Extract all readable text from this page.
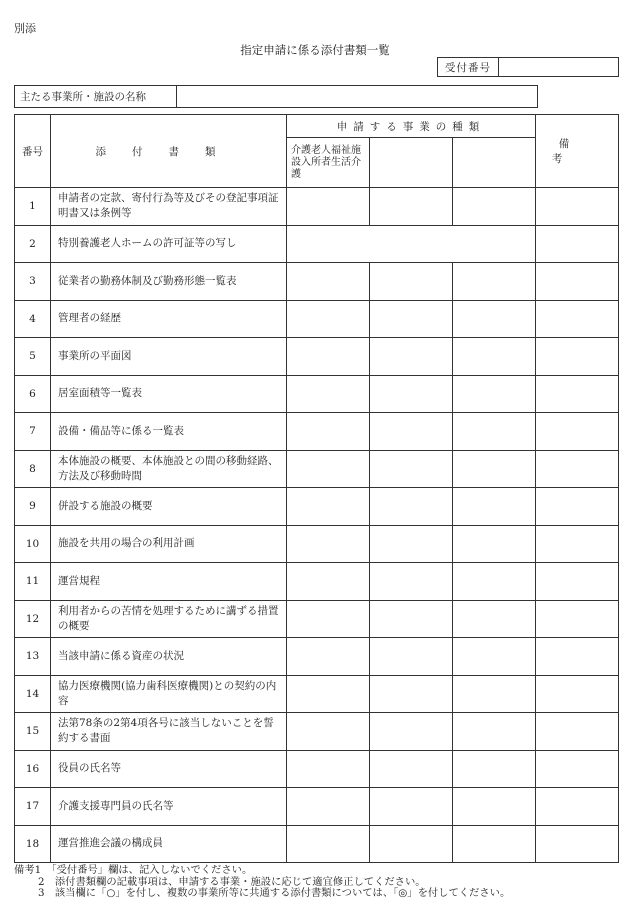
別添
指定申請に係る添付書類一覧
受付番号
主たる事業所・施設の名称
番号	添付書類	申請する事業の種類			備考
		介護老人福祉施設入所者生活介護			
1	申請者の定款、寄付行為等及びその登記事項証明書又は条例等				
2	特別養護老人ホームの許可証等の写し				
3	従業者の勤務体制及び勤務形態一覧表				
4	管理者の経歴				
5	事業所の平面図				
6	居室面積等一覧表				
7	設備・備品等に係る一覧表				
8	本体施設の概要、本体施設との間の移動経路、方法及び移動時間				
9	併設する施設の概要				
10	施設を共用の場合の利用計画				
11	運営規程				
12	利用者からの苦情を処理するために講ずる措置の概要				
13	当該申請に係る資産の状況				
14	協力医療機関(協力歯科医療機関)との契約の内容				
15	法第78条の2第4項各号に該当しないことを誓約する書面				
16	役員の氏名等				
17	介護支援専門員の氏名等				
18	運営推進会議の構成員				
備考1　 「受付番号」欄は、記入しないでください。
2　 添付書類欄の記載事項は、申請する事業・施設に応じて適宜修正してください。
3　 該当欄に「○」を付し、複数の事業所等に共通する添付書類については、「◎」を付してください。
